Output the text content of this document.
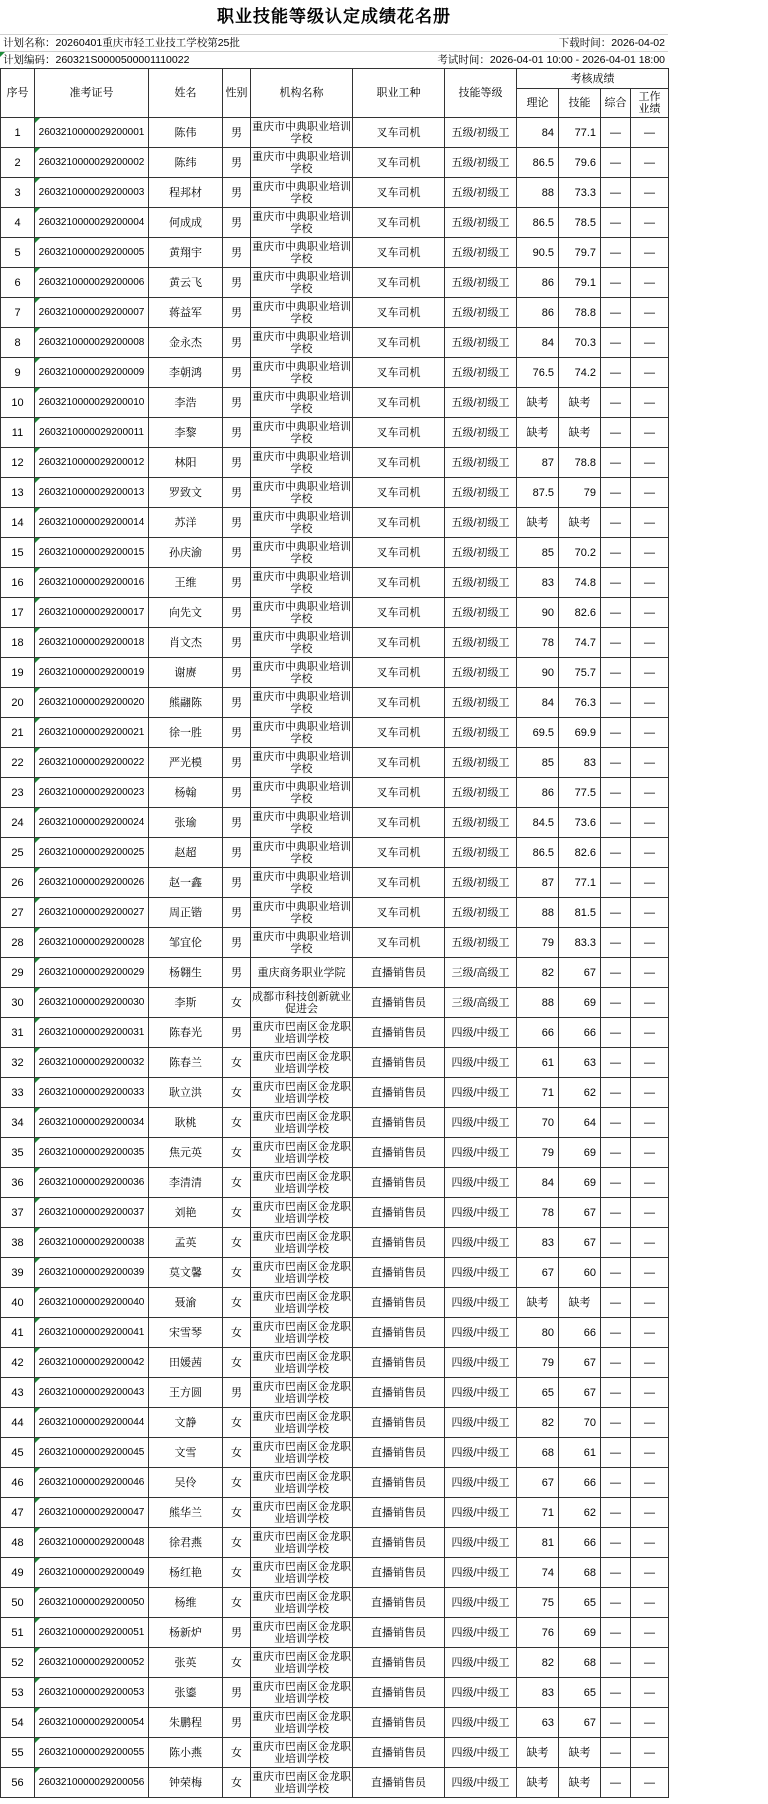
职业技能等级认定成绩花名册
计划名称：20260401重庆市轻工业技工学校第25批	下载时间：2026-04-02
计划编码：260321S0000500001110022	考试时间：2026-04-01 10:00 - 2026-04-01 18:00
序号	准考证号	姓名	性别	机构名称	职业工种	技能等级	考核成绩			
							理论	技能	综合	工作业绩
1	2603210000029200001	陈伟	男	重庆市中典职业培训学校	叉车司机	五级/初级工	84	77.1	—	—
2	2603210000029200002	陈纬	男	重庆市中典职业培训学校	叉车司机	五级/初级工	86.5	79.6	—	—
3	2603210000029200003	程邦材	男	重庆市中典职业培训学校	叉车司机	五级/初级工	88	73.3	—	—
4	2603210000029200004	何成成	男	重庆市中典职业培训学校	叉车司机	五级/初级工	86.5	78.5	—	—
5	2603210000029200005	黄翔宇	男	重庆市中典职业培训学校	叉车司机	五级/初级工	90.5	79.7	—	—
6	2603210000029200006	黄云飞	男	重庆市中典职业培训学校	叉车司机	五级/初级工	86	79.1	—	—
7	2603210000029200007	蒋益军	男	重庆市中典职业培训学校	叉车司机	五级/初级工	86	78.8	—	—
8	2603210000029200008	金永杰	男	重庆市中典职业培训学校	叉车司机	五级/初级工	84	70.3	—	—
9	2603210000029200009	李朝鸿	男	重庆市中典职业培训学校	叉车司机	五级/初级工	76.5	74.2	—	—
10	2603210000029200010	李浩	男	重庆市中典职业培训学校	叉车司机	五级/初级工	缺考	缺考	—	—
11	2603210000029200011	李黎	男	重庆市中典职业培训学校	叉车司机	五级/初级工	缺考	缺考	—	—
12	2603210000029200012	林阳	男	重庆市中典职业培训学校	叉车司机	五级/初级工	87	78.8	—	—
13	2603210000029200013	罗致文	男	重庆市中典职业培训学校	叉车司机	五级/初级工	87.5	79	—	—
14	2603210000029200014	苏洋	男	重庆市中典职业培训学校	叉车司机	五级/初级工	缺考	缺考	—	—
15	2603210000029200015	孙庆渝	男	重庆市中典职业培训学校	叉车司机	五级/初级工	85	70.2	—	—
16	2603210000029200016	王维	男	重庆市中典职业培训学校	叉车司机	五级/初级工	83	74.8	—	—
17	2603210000029200017	向先文	男	重庆市中典职业培训学校	叉车司机	五级/初级工	90	82.6	—	—
18	2603210000029200018	肖文杰	男	重庆市中典职业培训学校	叉车司机	五级/初级工	78	74.7	—	—
19	2603210000029200019	谢赓	男	重庆市中典职业培训学校	叉车司机	五级/初级工	90	75.7	—	—
20	2603210000029200020	熊翮陈	男	重庆市中典职业培训学校	叉车司机	五级/初级工	84	76.3	—	—
21	2603210000029200021	徐一胜	男	重庆市中典职业培训学校	叉车司机	五级/初级工	69.5	69.9	—	—
22	2603210000029200022	严光模	男	重庆市中典职业培训学校	叉车司机	五级/初级工	85	83	—	—
23	2603210000029200023	杨翰	男	重庆市中典职业培训学校	叉车司机	五级/初级工	86	77.5	—	—
24	2603210000029200024	张瑜	男	重庆市中典职业培训学校	叉车司机	五级/初级工	84.5	73.6	—	—
25	2603210000029200025	赵超	男	重庆市中典职业培训学校	叉车司机	五级/初级工	86.5	82.6	—	—
26	2603210000029200026	赵一鑫	男	重庆市中典职业培训学校	叉车司机	五级/初级工	87	77.1	—	—
27	2603210000029200027	周正锴	男	重庆市中典职业培训学校	叉车司机	五级/初级工	88	81.5	—	—
28	2603210000029200028	邹宜伦	男	重庆市中典职业培训学校	叉车司机	五级/初级工	79	83.3	—	—
29	2603210000029200029	杨翱生	男	重庆商务职业学院	直播销售员	三级/高级工	82	67	—	—
30	2603210000029200030	李斯	女	成都市科技创新就业促进会	直播销售员	三级/高级工	88	69	—	—
31	2603210000029200031	陈春光	男	重庆市巴南区金龙职业培训学校	直播销售员	四级/中级工	66	66	—	—
32	2603210000029200032	陈春兰	女	重庆市巴南区金龙职业培训学校	直播销售员	四级/中级工	61	63	—	—
33	2603210000029200033	耿立洪	女	重庆市巴南区金龙职业培训学校	直播销售员	四级/中级工	71	62	—	—
34	2603210000029200034	耿桃	女	重庆市巴南区金龙职业培训学校	直播销售员	四级/中级工	70	64	—	—
35	2603210000029200035	焦元英	女	重庆市巴南区金龙职业培训学校	直播销售员	四级/中级工	79	69	—	—
36	2603210000029200036	李清清	女	重庆市巴南区金龙职业培训学校	直播销售员	四级/中级工	84	69	—	—
37	2603210000029200037	刘艳	女	重庆市巴南区金龙职业培训学校	直播销售员	四级/中级工	78	67	—	—
38	2603210000029200038	孟英	女	重庆市巴南区金龙职业培训学校	直播销售员	四级/中级工	83	67	—	—
39	2603210000029200039	莫文馨	女	重庆市巴南区金龙职业培训学校	直播销售员	四级/中级工	67	60	—	—
40	2603210000029200040	聂渝	女	重庆市巴南区金龙职业培训学校	直播销售员	四级/中级工	缺考	缺考	—	—
41	2603210000029200041	宋雪琴	女	重庆市巴南区金龙职业培训学校	直播销售员	四级/中级工	80	66	—	—
42	2603210000029200042	田媛茜	女	重庆市巴南区金龙职业培训学校	直播销售员	四级/中级工	79	67	—	—
43	2603210000029200043	王方圆	男	重庆市巴南区金龙职业培训学校	直播销售员	四级/中级工	65	67	—	—
44	2603210000029200044	文静	女	重庆市巴南区金龙职业培训学校	直播销售员	四级/中级工	82	70	—	—
45	2603210000029200045	文雪	女	重庆市巴南区金龙职业培训学校	直播销售员	四级/中级工	68	61	—	—
46	2603210000029200046	吴伶	女	重庆市巴南区金龙职业培训学校	直播销售员	四级/中级工	67	66	—	—
47	2603210000029200047	熊华兰	女	重庆市巴南区金龙职业培训学校	直播销售员	四级/中级工	71	62	—	—
48	2603210000029200048	徐君燕	女	重庆市巴南区金龙职业培训学校	直播销售员	四级/中级工	81	66	—	—
49	2603210000029200049	杨红艳	女	重庆市巴南区金龙职业培训学校	直播销售员	四级/中级工	74	68	—	—
50	2603210000029200050	杨维	女	重庆市巴南区金龙职业培训学校	直播销售员	四级/中级工	75	65	—	—
51	2603210000029200051	杨新炉	男	重庆市巴南区金龙职业培训学校	直播销售员	四级/中级工	76	69	—	—
52	2603210000029200052	张英	女	重庆市巴南区金龙职业培训学校	直播销售员	四级/中级工	82	68	—	—
53	2603210000029200053	张鎏	男	重庆市巴南区金龙职业培训学校	直播销售员	四级/中级工	83	65	—	—
54	2603210000029200054	朱鹏程	男	重庆市巴南区金龙职业培训学校	直播销售员	四级/中级工	63	67	—	—
55	2603210000029200055	陈小燕	女	重庆市巴南区金龙职业培训学校	直播销售员	四级/中级工	缺考	缺考	—	—
56	2603210000029200056	钟荣梅	女	重庆市巴南区金龙职业培训学校	直播销售员	四级/中级工	缺考	缺考	—	—
